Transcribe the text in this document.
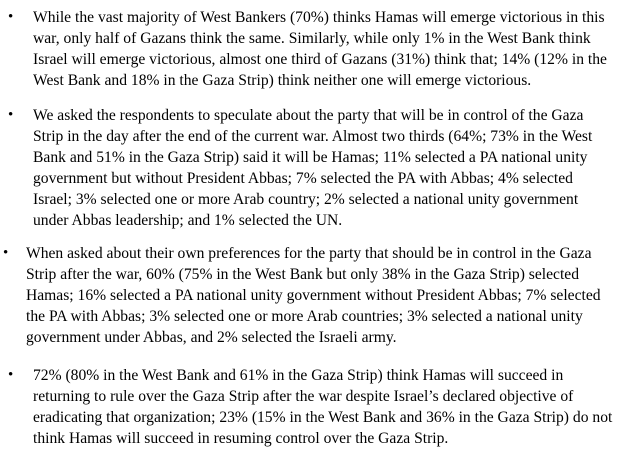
• While the vast majority of West Bankers (70%) thinks Hamas will emerge victorious in this
war, only half of Gazans think the same. Similarly, while only 1% in the West Bank think
Israel will emerge victorious, almost one third of Gazans (31%) think that; 14% (12% in the
West Bank and 18% in the Gaza Strip) think neither one will emerge victorious.
• We asked the respondents to speculate about the party that will be in control of the Gaza
Strip in the day after the end of the current war. Almost two thirds (64%; 73% in the West
Bank and 51% in the Gaza Strip) said it will be Hamas; 11% selected a PA national unity
government but without President Abbas; 7% selected the PA with Abbas; 4% selected
Israel; 3% selected one or more Arab country; 2% selected a national unity government
under Abbas leadership; and 1% selected the UN.
• When asked about their own preferences for the party that should be in control in the Gaza
Strip after the war, 60% (75% in the West Bank but only 38% in the Gaza Strip) selected
Hamas; 16% selected a PA national unity government without President Abbas; 7% selected
the PA with Abbas; 3% selected one or more Arab countries; 3% selected a national unity
government under Abbas, and 2% selected the Israeli army.
• 72% (80% in the West Bank and 61% in the Gaza Strip) think Hamas will succeed in
returning to rule over the Gaza Strip after the war despite Israel’s declared objective of
eradicating that organization; 23% (15% in the West Bank and 36% in the Gaza Strip) do not
think Hamas will succeed in resuming control over the Gaza Strip.
